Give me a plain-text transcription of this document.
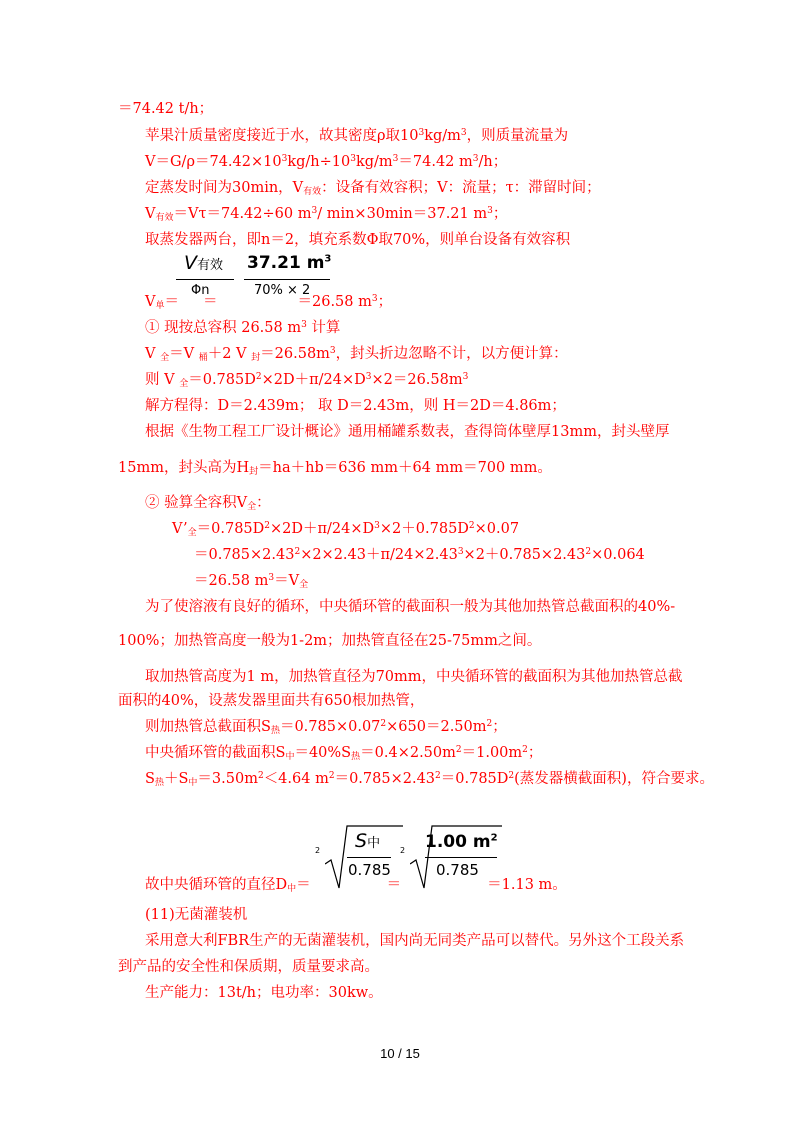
＝74.42 t/h；
苹果汁质量密度接近于水，故其密度ρ取$10^3kg/m^3$，则质量流量为
$V=G/\rho=74.42\times 10^3kg/h\div 10^3kg/m^3=74.42$ $m^3/h$；
定蒸发时间为30min，$V_{有效}$：设备有效容积；V：流量；τ：滞留时间；
$V_{有效}=V\tau=74.42\div 60$ $m^3/$ min×30min＝37.21 $m^3$；
取蒸发器两台，即n＝2，填充系数Φ取70%，则单台设备有效容积
V有效
Φn
37.21 $m^3$
70% × 2
$V_单=$ ＝	＝26.58 $m^3$；
① 现按总容积 26.58 $m^3$ 计算
V $_全$＝V $_桶$＋2 V $_封=26.58m^3$，封头折边忽略不计，以方便计算：
则 V $_全=0.785D^2\times 2D+\pi/24\times D^3\times 2=26.58m^3$
解方程得：D＝2.439m； 取 D＝2.43m，则 H＝2D＝4.86m；
根据《生物工程工厂设计概论》通用桶罐系数表，查得筒体壁厚13mm，封头壁厚
15mm，封头高为$H_封=ha+hb=636$ mm＋64 mm＝700 mm。
② 验算全容积$V_全$：
$V’_全=0.785D^2\times 2D+\pi/24\times D^3\times 2+0.785D^2\times 0.07$
$=0.785\times 2.43^2\times 2\times 2.43+\pi/24\times 2.43^3\times 2+0.785\times 2.43^2\times 0.064$
＝26.58 $m^3=V_全$
为了使溶液有良好的循环，中央循环管的截面积一般为其他加热管总截面积的40%-
100%；加热管高度一般为1-2m；加热管直径在25-75mm之间。
取加热管高度为1 m，加热管直径为70mm，中央循环管的截面积为其他加热管总截
面积的40%，设蒸发器里面共有650根加热管，
则加热管总截面积$S_热=0.785\times 0.07^2\times 650=2.50m^2$；
中央循环管的截面积$S_中=40\%S_热=0.4\times 2.50m^2=1.00m^2$；
$S_热+S_中=3.50m^2<4.64$ $m^2=0.785\times 2.43^2=0.785D^2$(蒸发器横截面积)，符合要求。
2 S中
0.785
2 1.00 $m^2$
0.785
故中央循环管的直径$D_中=$	＝	＝1.13 m。
(11)无菌灌装机
采用意大利FBR生产的无菌灌装机，国内尚无同类产品可以替代。另外这个工段关系
到产品的安全性和保质期，质量要求高。
生产能力：13t/h；电功率：30kw。
10 / 15
